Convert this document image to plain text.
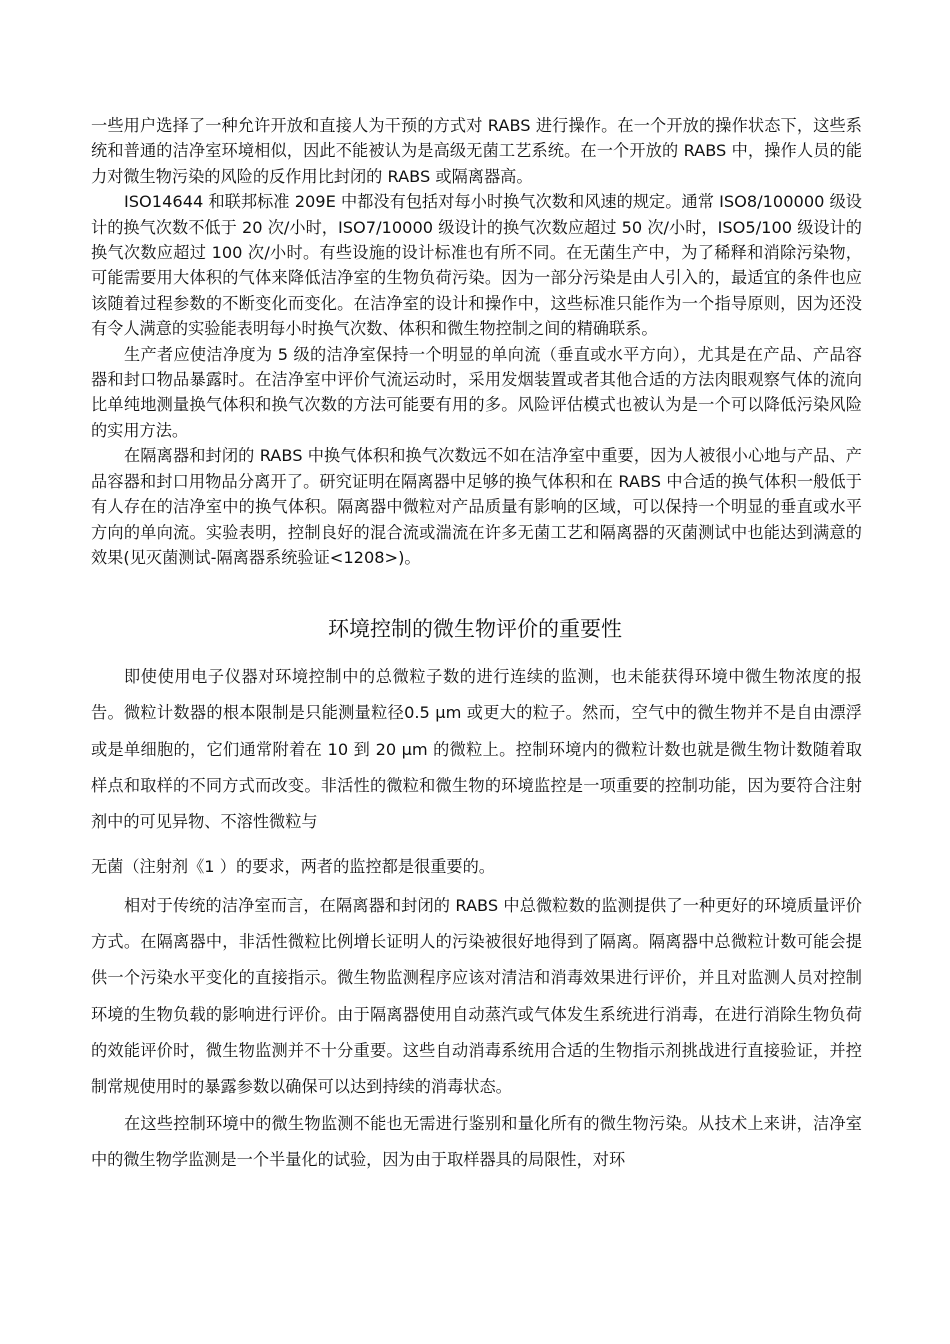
一些用户选择了一种允许开放和直接人为干预的方式对 RABS 进行操作。在一个开放的操作状态下，这些系统和普通的洁净室环境相似，因此不能被认为是高级无菌工艺系统。在一个开放的 RABS 中，操作人员的能力对微生物污染的风险的反作用比封闭的 RABS 或隔离器高。

ISO14644 和联邦标准 209E 中都没有包括对每小时换气次数和风速的规定。通常 ISO8/100000 级设计的换气次数不低于 20 次/小时，ISO7/10000 级设计的换气次数应超过 50 次/小时，ISO5/100 级设计的换气次数应超过 100 次/小时。有些设施的设计标准也有所不同。在无菌生产中，为了稀释和消除污染物，可能需要用大体积的气体来降低洁净室的生物负荷污染。因为一部分污染是由人引入的，最适宜的条件也应该随着过程参数的不断变化而变化。在洁净室的设计和操作中，这些标准只能作为一个指导原则，因为还没有令人满意的实验能表明每小时换气次数、体积和微生物控制之间的精确联系。

生产者应使洁净度为 5 级的洁净室保持一个明显的单向流（垂直或水平方向），尤其是在产品、产品容器和封口物品暴露时。在洁净室中评价气流运动时，采用发烟装置或者其他合适的方法肉眼观察气体的流向比单纯地测量换气体积和换气次数的方法可能要有用的多。风险评估模式也被认为是一个可以降低污染风险的实用方法。

在隔离器和封闭的 RABS 中换气体积和换气次数远不如在洁净室中重要，因为人被很小心地与产品、产品容器和封口用物品分离开了。研究证明在隔离器中足够的换气体积和在 RABS 中合适的换气体积一般低于有人存在的洁净室中的换气体积。隔离器中微粒对产品质量有影响的区域，可以保持一个明显的垂直或水平方向的单向流。实验表明，控制良好的混合流或湍流在许多无菌工艺和隔离器的灭菌测试中也能达到满意的效果(见灭菌测试-隔离器系统验证<1208>)。

环境控制的微生物评价的重要性

即使使用电子仪器对环境控制中的总微粒子数的进行连续的监测，也未能获得环境中微生物浓度的报告。微粒计数器的根本限制是只能测量粒径0.5 μm 或更大的粒子。然而，空气中的微生物并不是自由漂浮或是单细胞的，它们通常附着在 10 到 20 μm 的微粒上。控制环境内的微粒计数也就是微生物计数随着取样点和取样的不同方式而改变。非活性的微粒和微生物的环境监控是一项重要的控制功能，因为要符合注射剂中的可见异物、不溶性微粒与

无菌（注射剂《1 ）的要求，两者的监控都是很重要的。

相对于传统的洁净室而言，在隔离器和封闭的 RABS 中总微粒数的监测提供了一种更好的环境质量评价方式。在隔离器中，非活性微粒比例增长证明人的污染被很好地得到了隔离。隔离器中总微粒计数可能会提供一个污染水平变化的直接指示。微生物监测程序应该对清洁和消毒效果进行评价，并且对监测人员对控制环境的生物负载的影响进行评价。由于隔离器使用自动蒸汽或气体发生系统进行消毒，在进行消除生物负荷的效能评价时，微生物监测并不十分重要。这些自动消毒系统用合适的生物指示剂挑战进行直接验证，并控制常规使用时的暴露参数以确保可以达到持续的消毒状态。

在这些控制环境中的微生物监测不能也无需进行鉴别和量化所有的微生物污染。从技术上来讲，洁净室中的微生物学监测是一个半量化的试验，因为由于取样器具的局限性，对环
